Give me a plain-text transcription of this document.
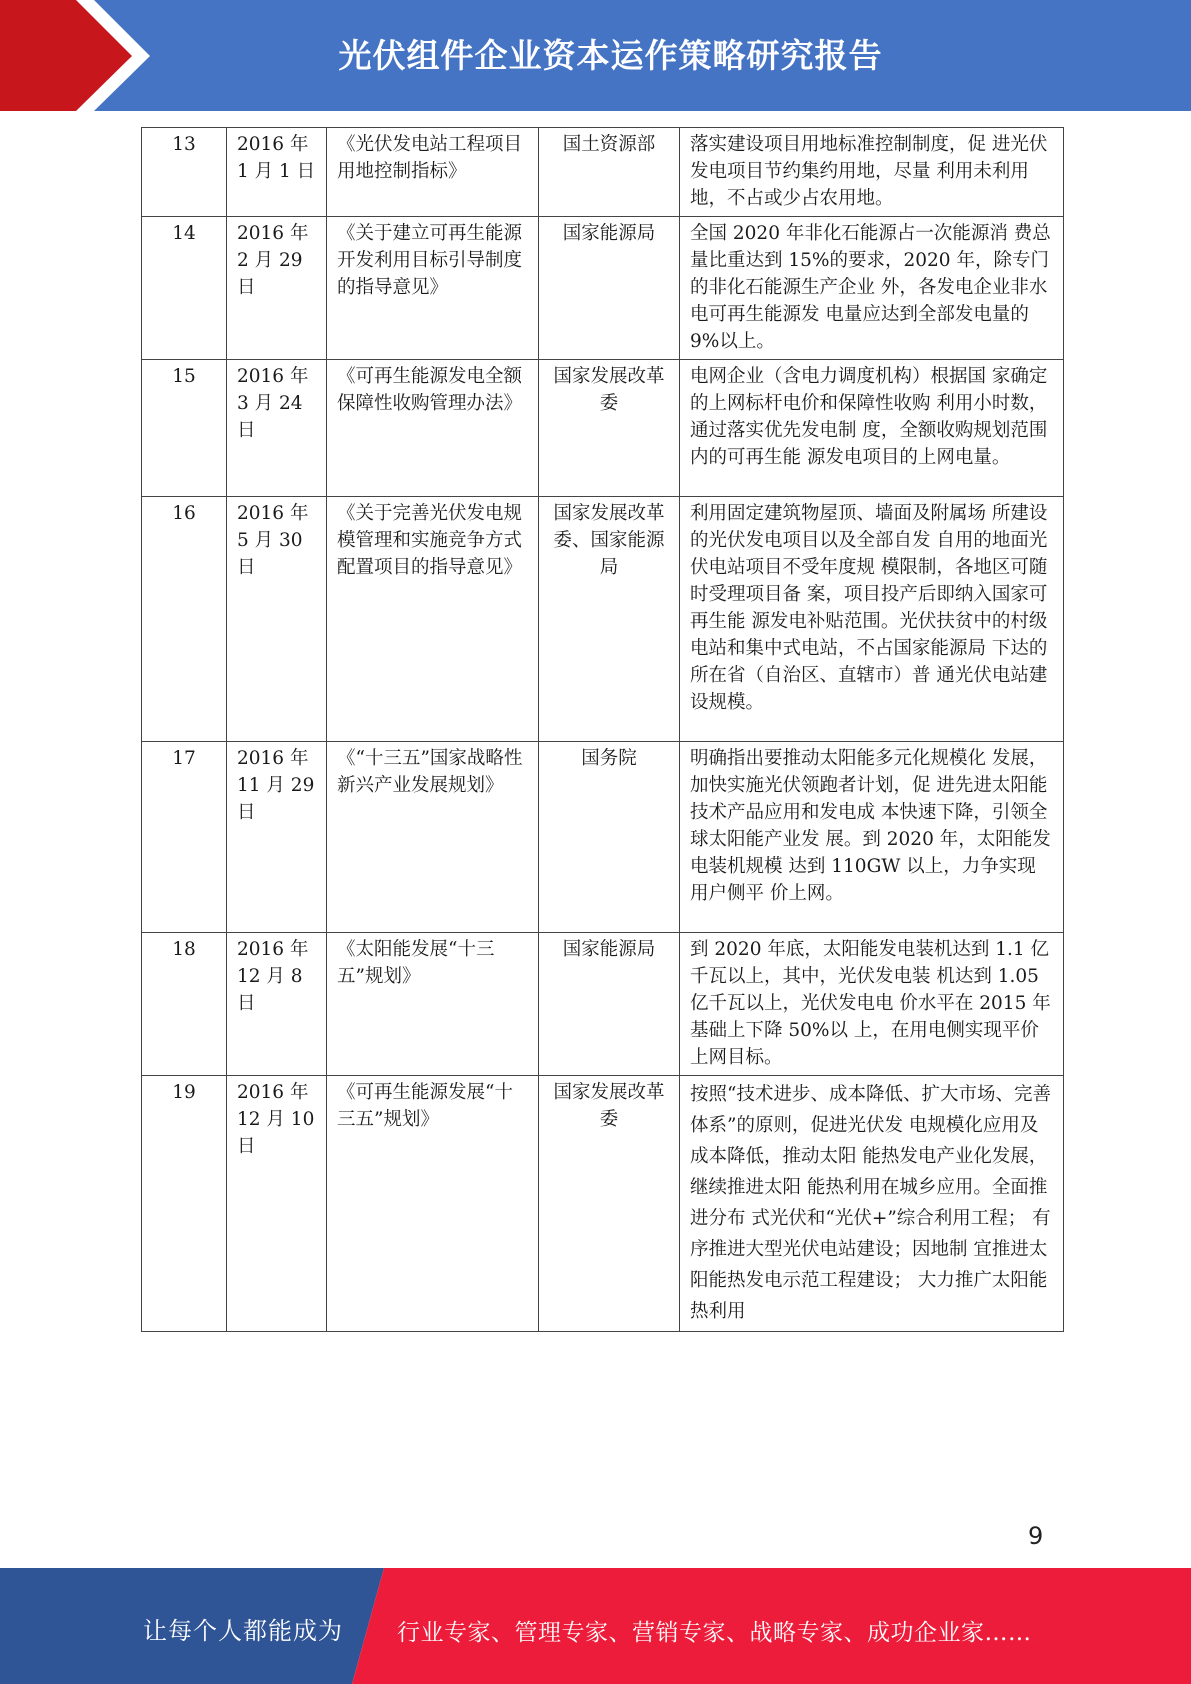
光伏组件企业资本运作策略研究报告
13	2016 年 1 月 1 日	《光伏发电站工程项目 用地控制指标》	国土资源部	落实建设项目用地标准控制制度，促 进光伏发电项目节约集约用地，尽量 利用未利用地，不占或少占农用地。
14	2016 年 2 月 29 日	《关于建立可再生能源 开发利用目标引导制度 的指导意见》	国家能源局	全国 2020 年非化石能源占一次能源消 费总量比重达到 15%的要求，2020 年，除专门的非化石能源生产企业 外，各发电企业非水电可再生能源发 电量应达到全部发电量的 9%以上。
15	2016 年 3 月 24 日	《可再生能源发电全额 保障性收购管理办法》	国家发展改革委	电网企业（含电力调度机构）根据国 家确定的上网标杆电价和保障性收购 利用小时数，通过落实优先发电制 度，全额收购规划范围内的可再生能 源发电项目的上网电量。
16	2016 年 5 月 30 日	《关于完善光伏发电规 模管理和实施竞争方式 配置项目的指导意见》	国家发展改革委、国家能源局	利用固定建筑物屋顶、墙面及附属场 所建设的光伏发电项目以及全部自发 自用的地面光伏电站项目不受年度规 模限制，各地区可随时受理项目备 案，项目投产后即纳入国家可再生能 源发电补贴范围。光伏扶贫中的村级 电站和集中式电站，不占国家能源局 下达的所在省（自治区、直辖市）普 通光伏电站建设规模。
17	2016 年 11 月 29 日	《“十三五”国家战略性新兴产业发展规划》	国务院	明确指出要推动太阳能多元化规模化 发展，加快实施光伏领跑者计划，促 进先进太阳能技术产品应用和发电成 本快速下降，引领全球太阳能产业发 展。到 2020 年，太阳能发电装机规模 达到 110GW 以上，力争实现用户侧平 价上网。
18	2016 年 12 月 8 日	《太阳能发展“十三五”规划》	国家能源局	到 2020 年底，太阳能发电装机达到 1.1 亿千瓦以上，其中，光伏发电装 机达到 1.05 亿千瓦以上，光伏发电电 价水平在 2015 年基础上下降 50%以 上，在用电侧实现平价上网目标。
19	2016 年 12 月 10 日	《可再生能源发展“十三五”规划》	国家发展改革委	按照“技术进步、成本降低、扩大市场、完善体系”的原则，促进光伏发 电规模化应用及成本降低，推动太阳 能热发电产业化发展，继续推进太阳 能热利用在城乡应用。全面推进分布 式光伏和“光伏+”综合利用工程； 有序推进大型光伏电站建设；因地制 宜推进太阳能热发电示范工程建设； 大力推广太阳能热利用
9
让每个人都能成为 行业专家、管理专家、营销专家、战略专家、成功企业家……
